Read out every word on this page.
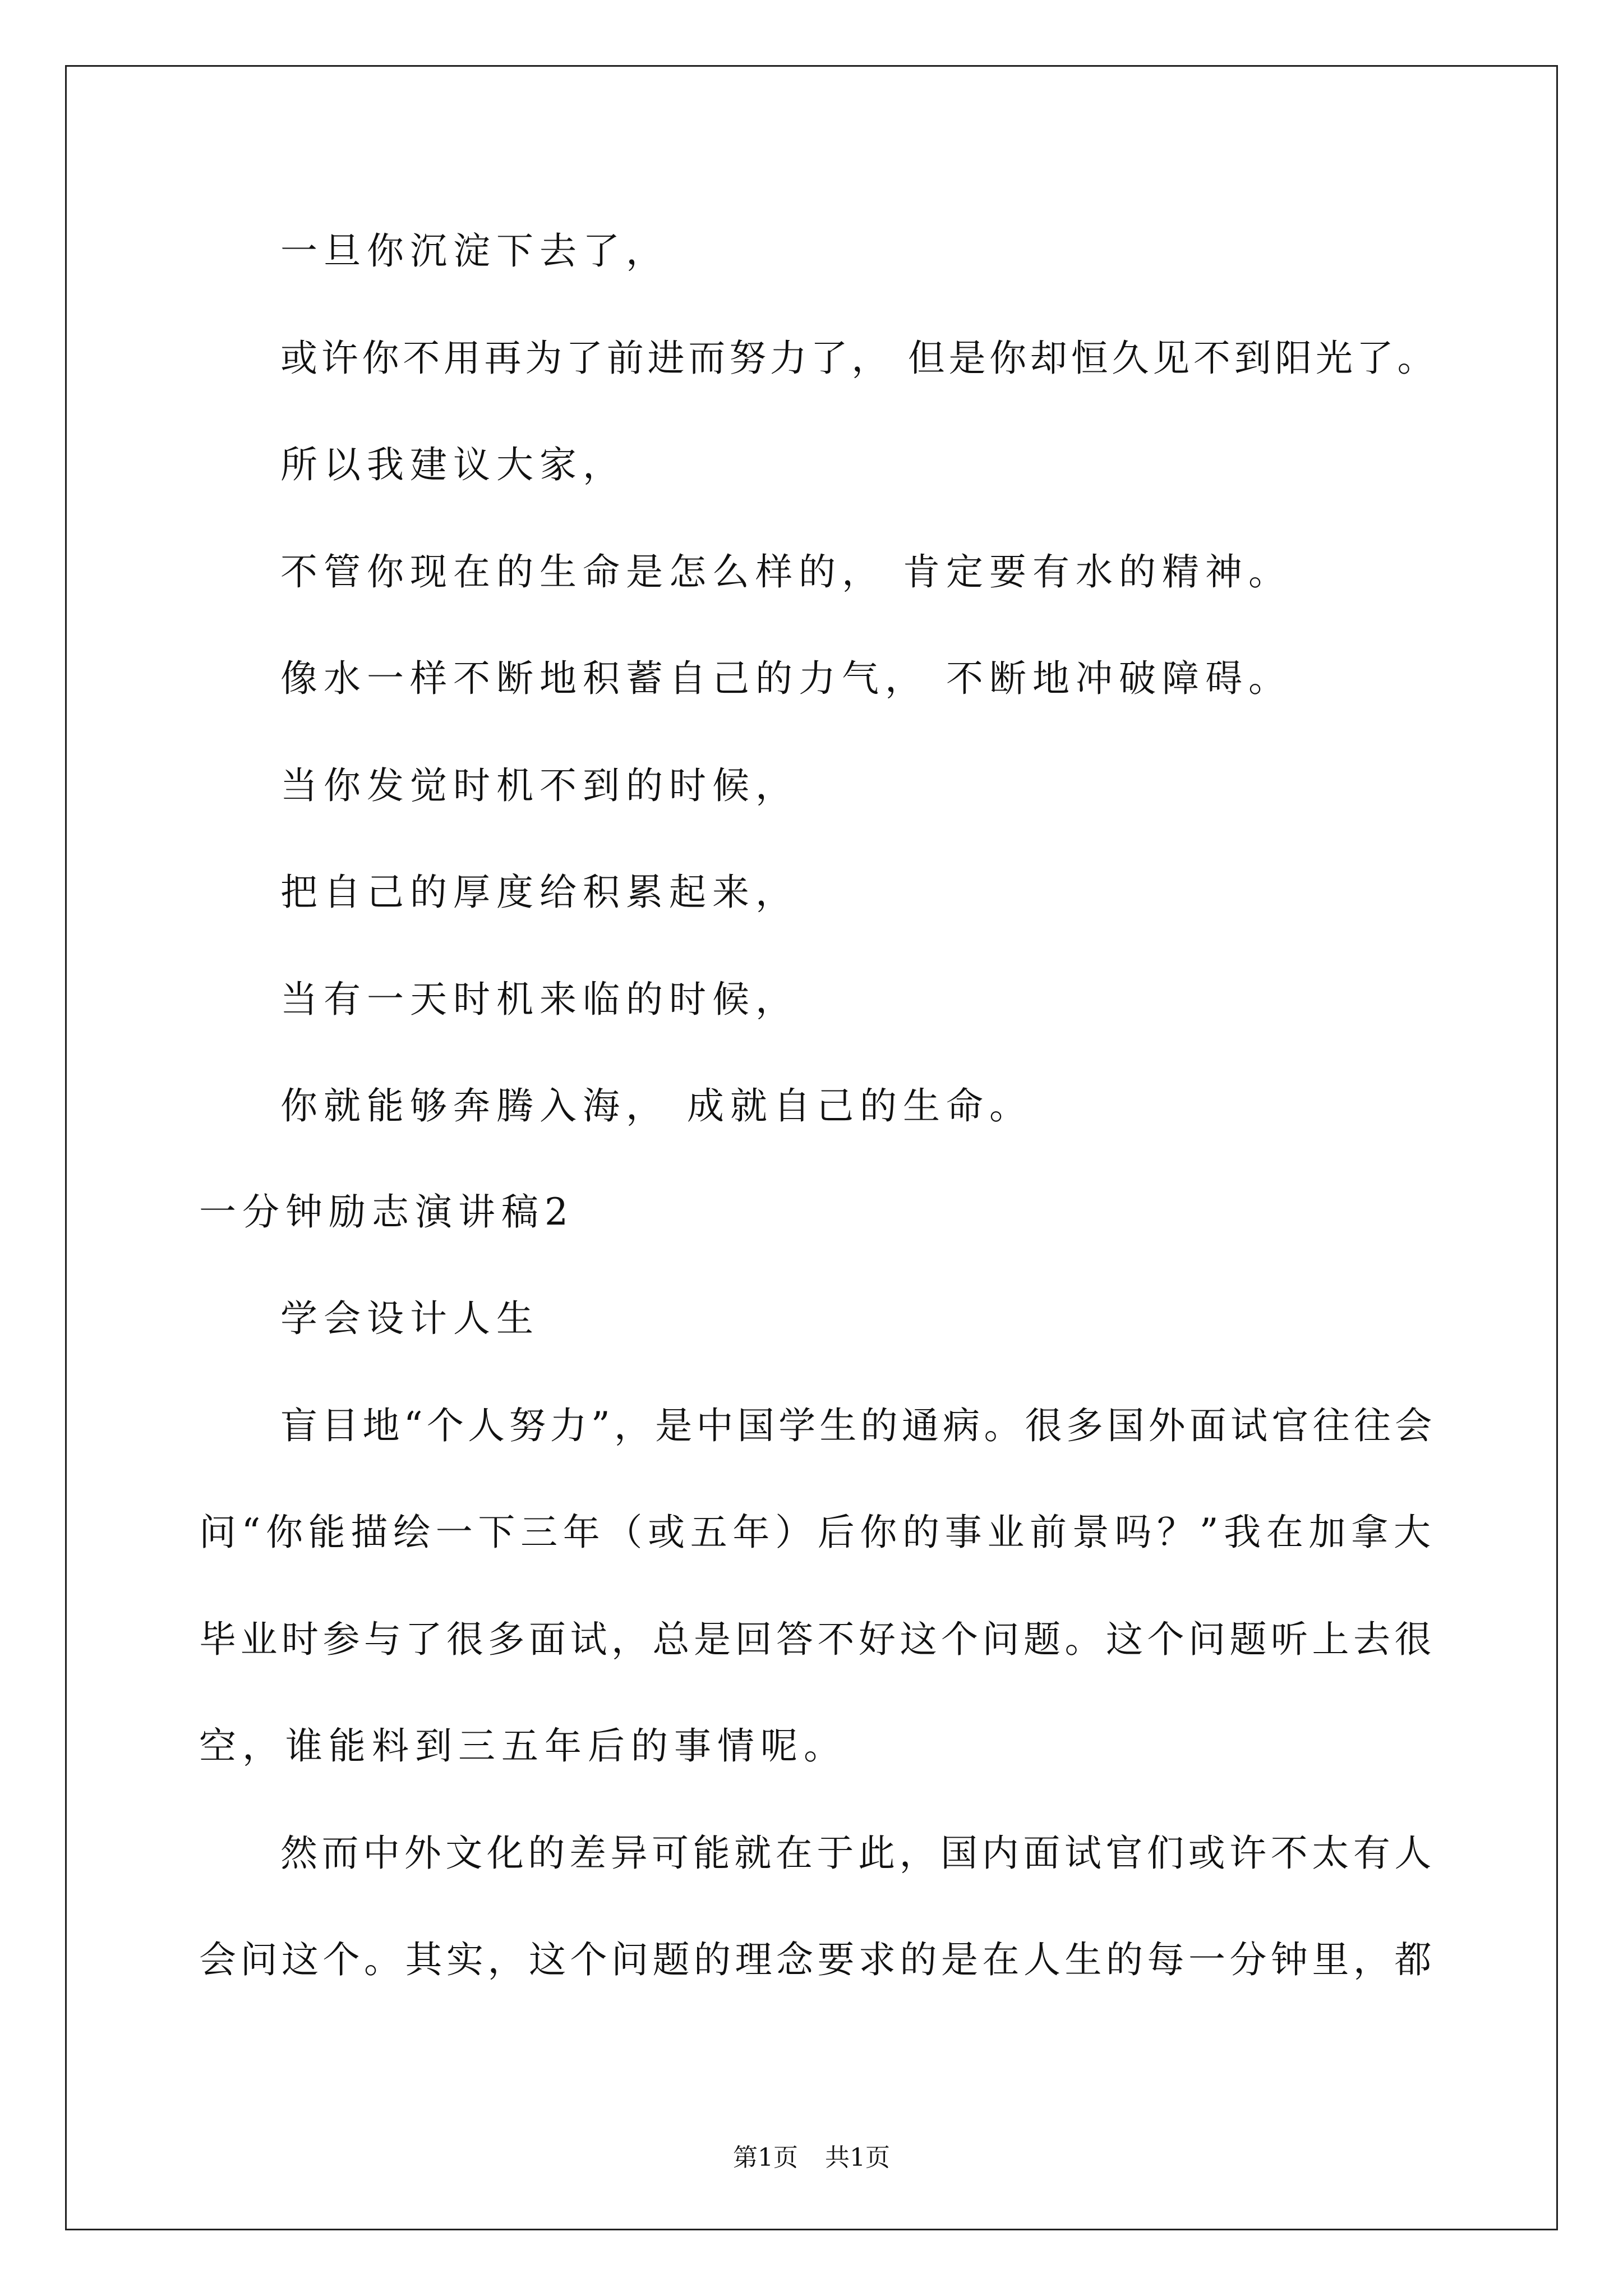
一旦你沉淀下去了，
或许你不用再为了前进而努力了， 但是你却恒久见不到阳光了。
所以我建议大家，
不管你现在的生命是怎么样的， 肯定要有水的精神。
像水一样不断地积蓄自己的力气， 不断地冲破障碍。
当你发觉时机不到的时候，
把自己的厚度给积累起来，
当有一天时机来临的时候，
你就能够奔腾入海， 成就自己的生命。
一分钟励志演讲稿2
学会设计人生
盲目地“个人努力”，是中国学生的通病。很多国外面试官往往会
问“你能描绘一下三年（或五年）后你的事业前景吗？”我在加拿大
毕业时参与了很多面试，总是回答不好这个问题。这个问题听上去很
空，谁能料到三五年后的事情呢。
然而中外文化的差异可能就在于此，国内面试官们或许不太有人
会问这个。其实，这个问题的理念要求的是在人生的每一分钟里，都
第1页 共1页
